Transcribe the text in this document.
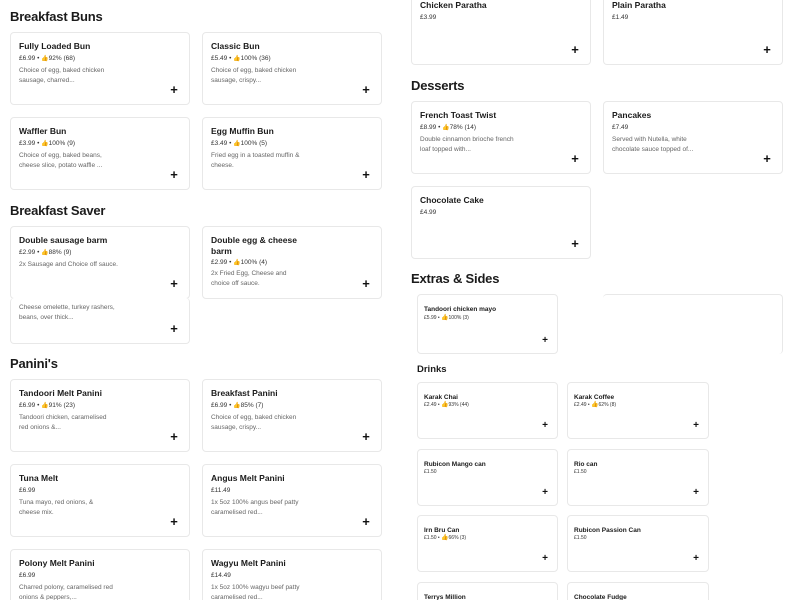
Breakfast Buns
Fully Loaded Bun
£6.99 • 👍92% (68)
Choice of egg, baked chicken sausage, charred...
+
Classic Bun
£5.49 • 👍100% (36)
Choice of egg, baked chicken sausage, crispy...
+
Waffler Bun
£3.99 • 👍100% (9)
Choice of egg, baked beans, cheese slice, potato waffle ...
+
Egg Muffin Bun
£3.49 • 👍100% (5)
Fried egg in a toasted muffin & cheese.
+
Breakfast Saver
Double sausage barm
£2.99 • 👍88% (9)
2x Sausage and Choice off sauce.
+
Double egg & cheese barm
£2.99 • 👍100% (4)
2x Fried Egg, Cheese and choice off sauce.	+
Cheese omelette, turkey rashers, beans, over thick...
+
Panini's
Tandoori Melt Panini
£6.99 • 👍91% (23)
Tandoori chicken, caramelised red onions &...
+
Breakfast Panini
£6.99 • 👍85% (7)
Choice of egg, baked chicken sausage, crispy...
+
Tuna Melt
£6.99
Tuna mayo, red onions, & cheese mix.
+
Angus Melt Panini
£11.49
1x 5oz 100% angus beef patty caramelised red...
+
Polony Melt Panini
£6.99
Charred polony, caramelised red onions & peppers,...
Wagyu Melt Panini
£14.49
1x 5oz 100% wagyu beef patty caramelised red...
Chicken Paratha
£3.99
+
Plain Paratha
£1.49
+
Desserts
French Toast Twist
£8.99 • 👍78% (14)
Double cinnamon brioche french loaf topped with...
+
Pancakes
£7.49
Served with Nutella, white chocolate sauce topped of...
+
Chocolate Cake
£4.99
+
Extras & Sides
Tandoori chicken mayo
£5.99 • 👍100% (3)
+
Drinks
Karak Chai
£2.49 • 👍93% (44)
+
Karak Coffee
£2.49 • 👍62% (8)
+
Rubicon Mango can
£1.50
+
Rio can
£1.50
+
Irn Bru Can
£1.50 • 👍66% (3)
+
Rubicon Passion Can
£1.50
+
Terrys Million	Chocolate Fudge
